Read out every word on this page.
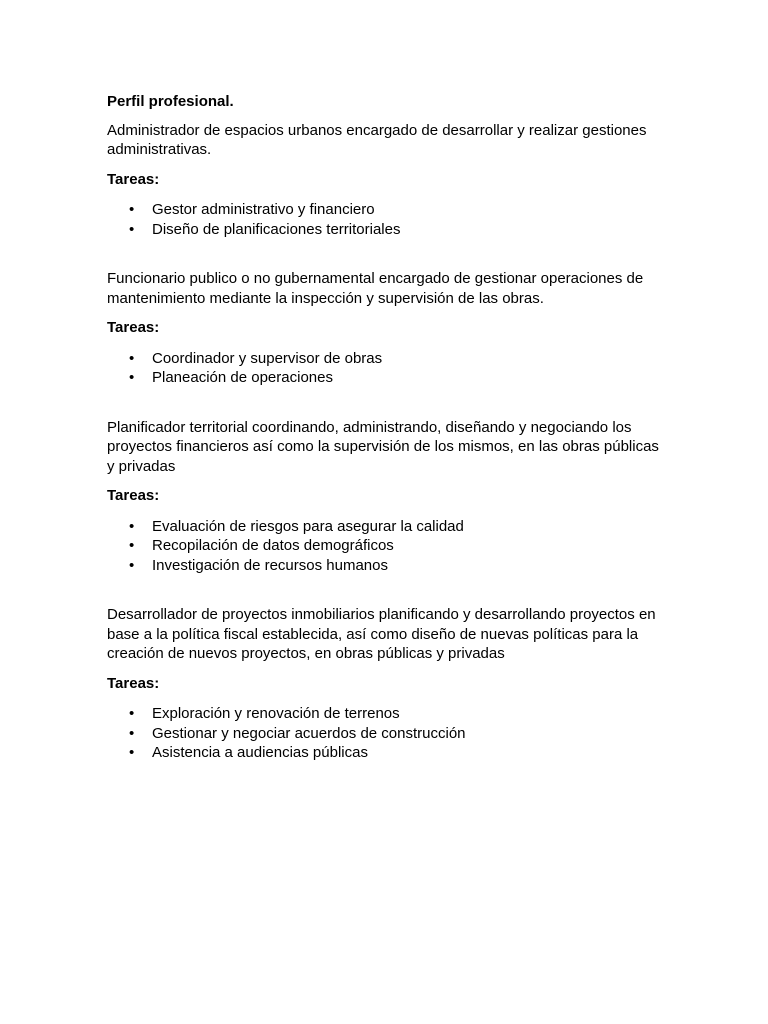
Perfil profesional.
Administrador de espacios urbanos encargado de desarrollar y realizar gestiones administrativas.
Tareas:
• Gestor administrativo y financiero
• Diseño de planificaciones territoriales
Funcionario publico o no gubernamental encargado de gestionar operaciones de mantenimiento mediante la inspección y supervisión de las obras.
Tareas:
• Coordinador y supervisor de obras
• Planeación de operaciones
Planificador territorial coordinando, administrando, diseñando y negociando los proyectos financieros así como la supervisión de los mismos, en las obras públicas y privadas
Tareas:
• Evaluación de riesgos para asegurar la calidad
• Recopilación de datos demográficos
• Investigación de recursos humanos
Desarrollador de proyectos inmobiliarios planificando y desarrollando proyectos en base a la política fiscal establecida, así como diseño de nuevas políticas para la creación de nuevos proyectos, en obras públicas y privadas
Tareas:
• Exploración y renovación de terrenos
• Gestionar y negociar acuerdos de construcción
• Asistencia a audiencias públicas
